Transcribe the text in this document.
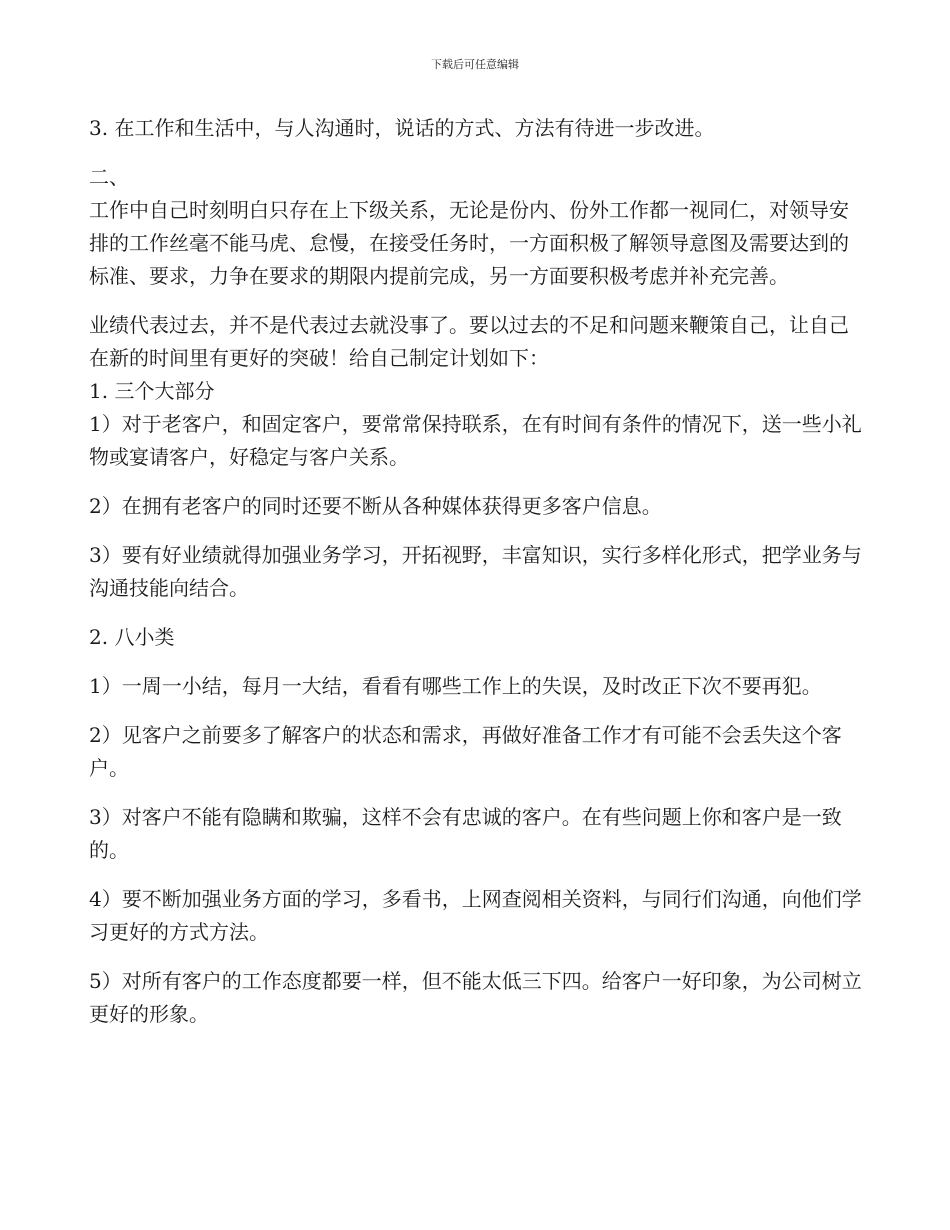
下载后可任意编辑

3. 在工作和生活中，与人沟通时，说话的方式、方法有待进一步改进。

二、

工作中自己时刻明白只存在上下级关系，无论是份内、份外工作都一视同仁，对领导安排的工作丝毫不能马虎、怠慢，在接受任务时，一方面积极了解领导意图及需要达到的标准、要求，力争在要求的期限内提前完成，另一方面要积极考虑并补充完善。

业绩代表过去，并不是代表过去就没事了。要以过去的不足和问题来鞭策自己，让自己在新的时间里有更好的突破！给自己制定计划如下：

1. 三个大部分

1）对于老客户，和固定客户，要常常保持联系，在有时间有条件的情况下，送一些小礼物或宴请客户，好稳定与客户关系。

2）在拥有老客户的同时还要不断从各种媒体获得更多客户信息。

3）要有好业绩就得加强业务学习，开拓视野，丰富知识，实行多样化形式，把学业务与沟通技能向结合。

2. 八小类

1）一周一小结，每月一大结，看看有哪些工作上的失误，及时改正下次不要再犯。

2）见客户之前要多了解客户的状态和需求，再做好准备工作才有可能不会丢失这个客户。

3）对客户不能有隐瞒和欺骗，这样不会有忠诚的客户。在有些问题上你和客户是一致的。

4）要不断加强业务方面的学习，多看书，上网查阅相关资料，与同行们沟通，向他们学习更好的方式方法。

5）对所有客户的工作态度都要一样，但不能太低三下四。给客户一好印象，为公司树立更好的形象。
